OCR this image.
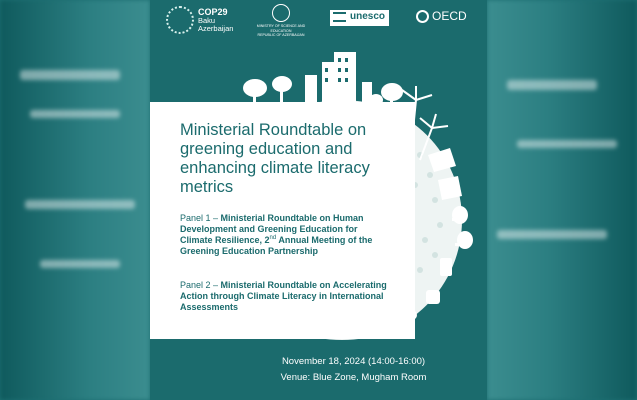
COP29
Baku
Azerbaijan	MINISTRY OF SCIENCE AND EDUCATION
REPUBLIC OF AZERBAIJAN
unesco	OECD
Ministerial Roundtable on greening education and enhancing climate literacy metrics

Panel 1 – Ministerial Roundtable on Human Development and Greening Education for Climate Resilience, 2nd Annual Meeting of the Greening Education Partnership

Panel 2 – Ministerial Roundtable on Accelerating Action through Climate Literacy in International Assessments

November 18, 2024 (14:00-16:00)
Venue: Blue Zone, Mugham Room
